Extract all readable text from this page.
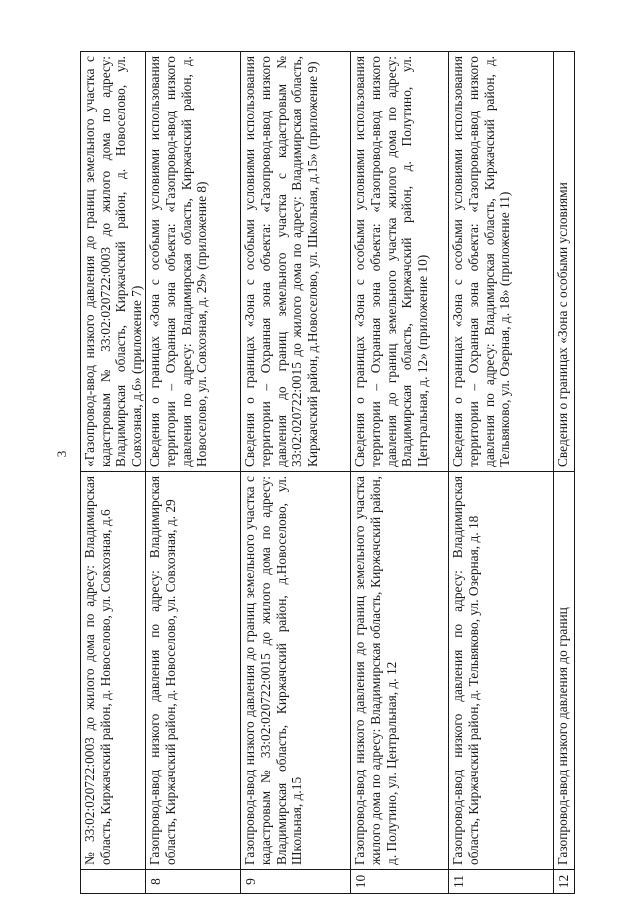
3

	№ 33:02:020722:0003 до жилого дома по адресу: Владимирская область, Киржачский район, д. Новоселово, ул. Совхозная, д.6	«Газопровод-ввод низкого давления до границ земельного участка с кадастровым № 33:02:020722:0003 до жилого дома по адресу: Владимирская область, Киржачский район, д. Новоселово, ул. Совхозная, д.6» (приложение 7)

8	Газопровод-ввод низкого давления по адресу: Владимирская область, Киржачский район, д. Новоселово, ул. Совхозная, д. 29	Сведения о границах «Зона с особыми условиями использования территории – Охранная зона объекта: «Газопровод-ввод низкого давления по адресу: Владимирская область, Киржачский район, д. Новоселово, ул. Совхозная, д. 29» (приложение 8)

9	Газопровод-ввод низкого давления до границ земельного участка с кадастровым № 33:02:020722:0015 до жилого дома по адресу: Владимирская область, Киржачский район, д.Новоселово, ул. Школьная, д.15	Сведения о границах «Зона с особыми условиями использования территории – Охранная зона объекта: «Газопровод-ввод низкого давления до границ земельного участка с кадастровым № 33:02:020722:0015 до жилого дома по адресу: Владимирская область, Киржачский район, д.Новоселово, ул. Школьная, д.15» (приложение 9)

10	Газопровод-ввод низкого давления до границ земельного участка жилого дома по адресу: Владимирская область, Киржачский район, д. Полутино, ул. Центральная, д. 12	Сведения о границах «Зона с особыми условиями использования территории – Охранная зона объекта: «Газопровод-ввод низкого давления до границ земельного участка жилого дома по адресу: Владимирская область, Киржачский район, д. Полутино, ул. Центральная, д. 12» (приложение 10)

11	Газопровод-ввод низкого давления по адресу: Владимирская область, Киржачский район, д. Тельвяково, ул. Озерная, д. 18	Сведения о границах «Зона с особыми условиями использования территории – Охранная зона объекта: «Газопровод-ввод низкого давления по адресу: Владимирская область, Киржачский район, д. Тельвяково, ул. Озерная, д. 18» (приложение 11)

12	Газопровод-ввод низкого давления до границ	Сведения о границах «Зона с особыми условиями
